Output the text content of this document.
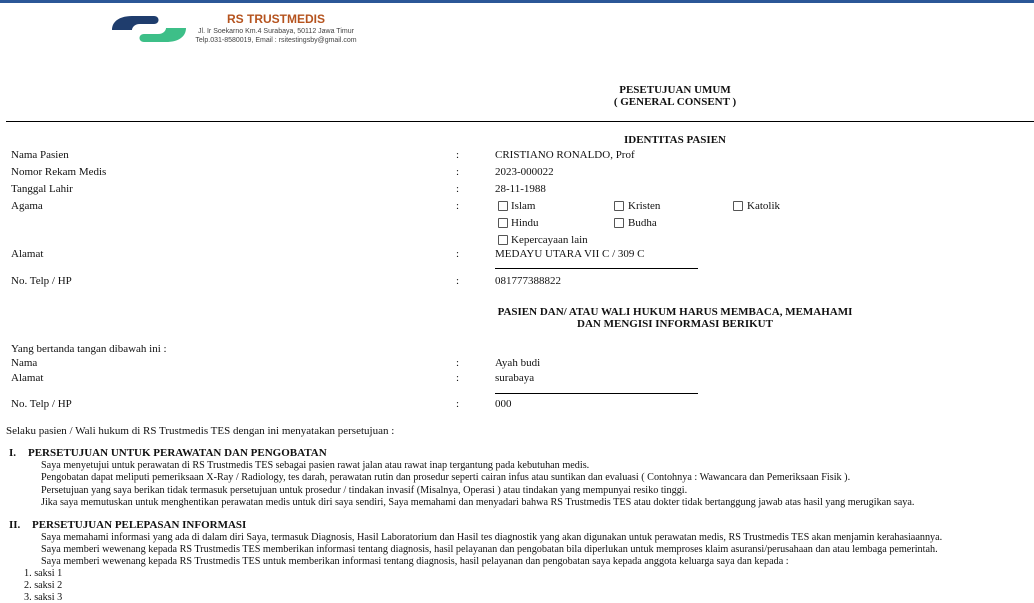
RS TRUSTMEDIS
Jl. Ir Soekarno Km.4 Surabaya, 50112 Jawa Timur
Telp.031-8580019, Email : rsitestingsby@gmail.com
PESETUJUAN UMUM
( GENERAL CONSENT )
IDENTITAS PASIEN
Nama Pasien	:	CRISTIANO RONALDO, Prof
Nomor Rekam Medis	:	2023-000022
Tanggal Lahir	:	28-11-1988
Agama	:	Islam	Kristen	Katolik
Hindu	Budha
Kepercayaan lain
Alamat	:	MEDAYU UTARA VII C / 309 C
No. Telp / HP	:	081777388822
PASIEN DAN/ ATAU WALI HUKUM HARUS MEMBACA, MEMAHAMI
DAN MENGISI INFORMASI BERIKUT
Yang bertanda tangan dibawah ini :
Nama	:	Ayah budi
Alamat	:	surabaya
No. Telp / HP	:	000
Selaku pasien / Wali hukum di RS Trustmedis TES dengan ini menyatakan persetujuan :
I. PERSETUJUAN UNTUK PERAWATAN DAN PENGOBATAN
Saya menyetujui untuk perawatan di RS Trustmedis TES sebagai pasien rawat jalan atau rawat inap tergantung pada kebutuhan medis.
Pengobatan dapat meliputi pemeriksaan X-Ray / Radiology, tes darah, perawatan rutin dan prosedur seperti cairan infus atau suntikan dan evaluasi ( Contohnya : Wawancara dan Pemeriksaan Fisik ).
Persetujuan yang saya berikan tidak termasuk persetujuan untuk prosedur / tindakan invasif (Misalnya, Operasi ) atau tindakan yang mempunyai resiko tinggi.
Jika saya memutuskan untuk menghentikan perawatan medis untuk diri saya sendiri, Saya memahami dan menyadari bahwa RS Trustmedis TES atau dokter tidak bertanggung jawab atas hasil yang merugikan saya.
II. PERSETUJUAN PELEPASAN INFORMASI
Saya memahami informasi yang ada di dalam diri Saya, termasuk Diagnosis, Hasil Laboratorium dan Hasil tes diagnostik yang akan digunakan untuk perawatan medis, RS Trustmedis TES akan menjamin kerahasiaannya.
Saya memberi wewenang kepada RS Trustmedis TES memberikan informasi tentang diagnosis, hasil pelayanan dan pengobatan bila diperlukan untuk memproses klaim asuransi/perusahaan dan atau lembaga pemerintah.
Saya memberi wewenang kepada RS Trustmedis TES untuk memberikan informasi tentang diagnosis, hasil pelayanan dan pengobatan saya kepada anggota keluarga saya dan kepada :
1. saksi 1
2. saksi 2
3. saksi 3
